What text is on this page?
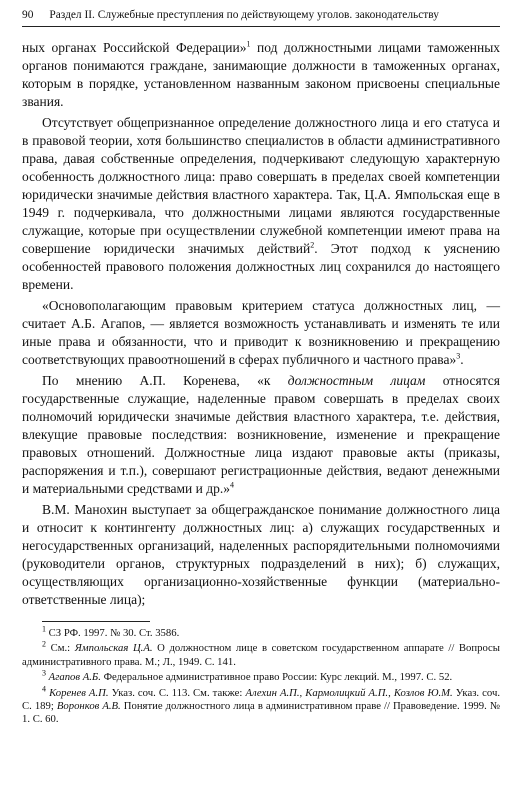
90 Раздел II. Служебные преступления по действующему уголов. законодательству

ных органах Российской Федерации»$^1$ под должностными лицами таможенных органов понимаются граждане, занимающие должности в таможенных органах, которым в порядке, установленном названным законом присвоены специальные звания.

Отсутствует общепризнанное определение должностного лица и его статуса и в правовой теории, хотя большинство специалистов в области административного права, давая собственные определения, подчеркивают следующую характерную особенность должностного лица: право совершать в пределах своей компетенции юридически значимые действия властного характера. Так, Ц.А. Ямпольская еще в 1949 г. подчеркивала, что должностными лицами являются государственные служащие, которые при осуществлении служебной компетенции имеют права на совершение юридически значимых действий$^2$. Этот подход к уяснению особенностей правового положения должностных лиц сохранился до настоящего времени.

«Основополагающим правовым критерием статуса должностных лиц, — считает А.Б. Агапов, — является возможность устанавливать и изменять те или иные права и обязанности, что и приводит к возникновению и прекращению соответствующих правоотношений в сферах публичного и частного права»$^3$.

По мнению А.П. Коренева, «к должностным лицам относятся государственные служащие, наделенные правом совершать в пределах своих полномочий юридически значимые действия властного характера, т.е. действия, влекущие правовые последствия: возникновение, изменение и прекращение правовых отношений. Должностные лица издают правовые акты (приказы, распоряжения и т.п.), совершают регистрационные действия, ведают денежными и материальными средствами и др.»$^4$

В.М. Манохин выступает за общегражданское понимание должностного лица и относит к контингенту должностных лиц: а) служащих государственных и негосударственных организаций, наделенных распорядительными полномочиями (руководители органов, структурных подразделений в них); б) служащих, осуществляющих организационно-хозяйственные функции (материально-ответственные лица);

$^1$ СЗ РФ. 1997. № 30. Ст. 3586.
$^2$ См.: Ямпольская Ц.А. О должностном лице в советском государственном аппарате // Вопросы административного права. М.; Л., 1949. С. 141.
$^3$ Агапов А.Б. Федеральное административное право России: Курс лекций. М., 1997. С. 52.
$^4$ Коренев А.П. Указ. соч. С. 113. См. также: Алехин А.П., Кармолицкий А.П., Козлов Ю.М. Указ. соч. С. 189; Воронков А.В. Понятие должностного лица в административном праве // Правоведение. 1999. № 1. С. 60.
